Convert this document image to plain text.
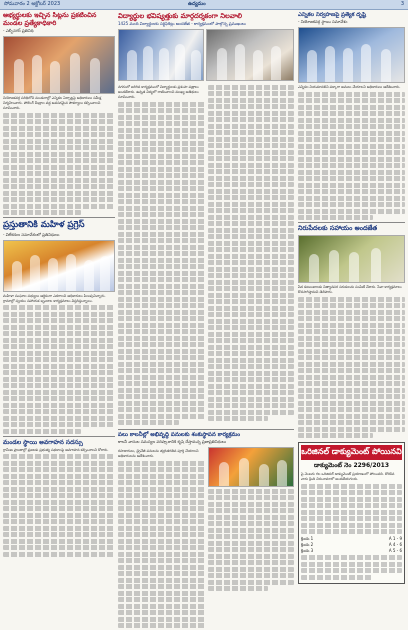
సోమవారం 2 అక్టోబర్ 2023	ఉద్యమం	3
అభ్యర్థులకు ఇచ్చిన సీట్లను ప్రకటించిన మండల ప్రత్యేకాధికారి
- ఎల్బీనగర్ ప్రతినిధి
నియోజకవర్గ పరిధిలోని మండలాల్లో ఎన్నికల ఏర్పాట్లపై అధికారులు సమీక్ష నిర్వహించారు. పోలింగ్ కేంద్రాల వద్ద అవసరమైన సౌకర్యాలు కల్పించాలని సూచించారు.
ప్రస్తుతానికి మహిళ ప్రగ్రెస్
- విలేకరుల సమావేశంలో ప్రతినిధులు
మహిళా సంఘాల సభ్యులు ఆర్థికంగా ఎదగాలని అధికారులు పిలుపునిచ్చారు. గ్రామాల్లో స్వయం సహాయక బృందాల కార్యక్రమాలు విస్తరిస్తున్నాయి.
మండల స్థాయి అవగాహన సదస్సు
గ్రామీణ ప్రాంతాల్లో ప్రజలకు ప్రభుత్వ పథకాలపై అవగాహన కల్పించాలని కోరారు.
విద్యార్థుల భవిష్యత్తుకు మార్గదర్శకంగా నిలవాలి
1425 మంది విద్యార్థులకు సర్టిఫికెట్లు అందజేత - కార్యక్రమంలో పాల్గొన్న ప్రముఖులు
నగరంలో జరిగిన కార్యక్రమంలో విద్యార్థులకు ప్రశంసా పత్రాలు అందజేశారు. ఉన్నత విద్యలో రాణించాలని ముఖ్య అతిథులు సూచించారు.
పలు కాలనీల్లో అభివృద్ధి పనులకు శంకుస్థాపన కార్యక్రమం
కాలనీ వాసుల సమస్యల పరిష్కారానికి కృషి చేస్తామన్న ప్రజాప్రతినిధులు
రహదారులు, డ్రైనేజీ పనులను త్వరితగతిన పూర్తి చేయాలని అధికారులను ఆదేశించారు.
ఎన్నికల నిర్వహణపై ప్రత్యేక దృష్టి
- నియోజకవర్గ స్థాయి సమావేశం
ఎన్నికల నియమావళిని పక్కాగా అమలు చేయాలని అధికారులు ఆదేశించారు.
నిరుపేదలకు సహాయం అందజేత
పేద కుటుంబాలకు నిత్యావసర సరుకులను పంపిణీ చేశారు. సేవా కార్యక్రమాలు కొనసాగిస్తామని తెలిపారు.
ఒరిజినల్ డాక్యుమెంట్ పోయినవి
డాక్యుమెంట్ నెం 2296/2013
పై నెంబరు గల ఒరిజినల్ డాక్యుమెంట్ ప్రయాణంలో పోయినది. దొరికిన వారు క్రింది చిరునామాలో అందజేయగలరు.
క్రిందు 1	A 1 - 9
క్రిందు 2	A 4 - 6
క్రిందు 3	A 5 - 6
